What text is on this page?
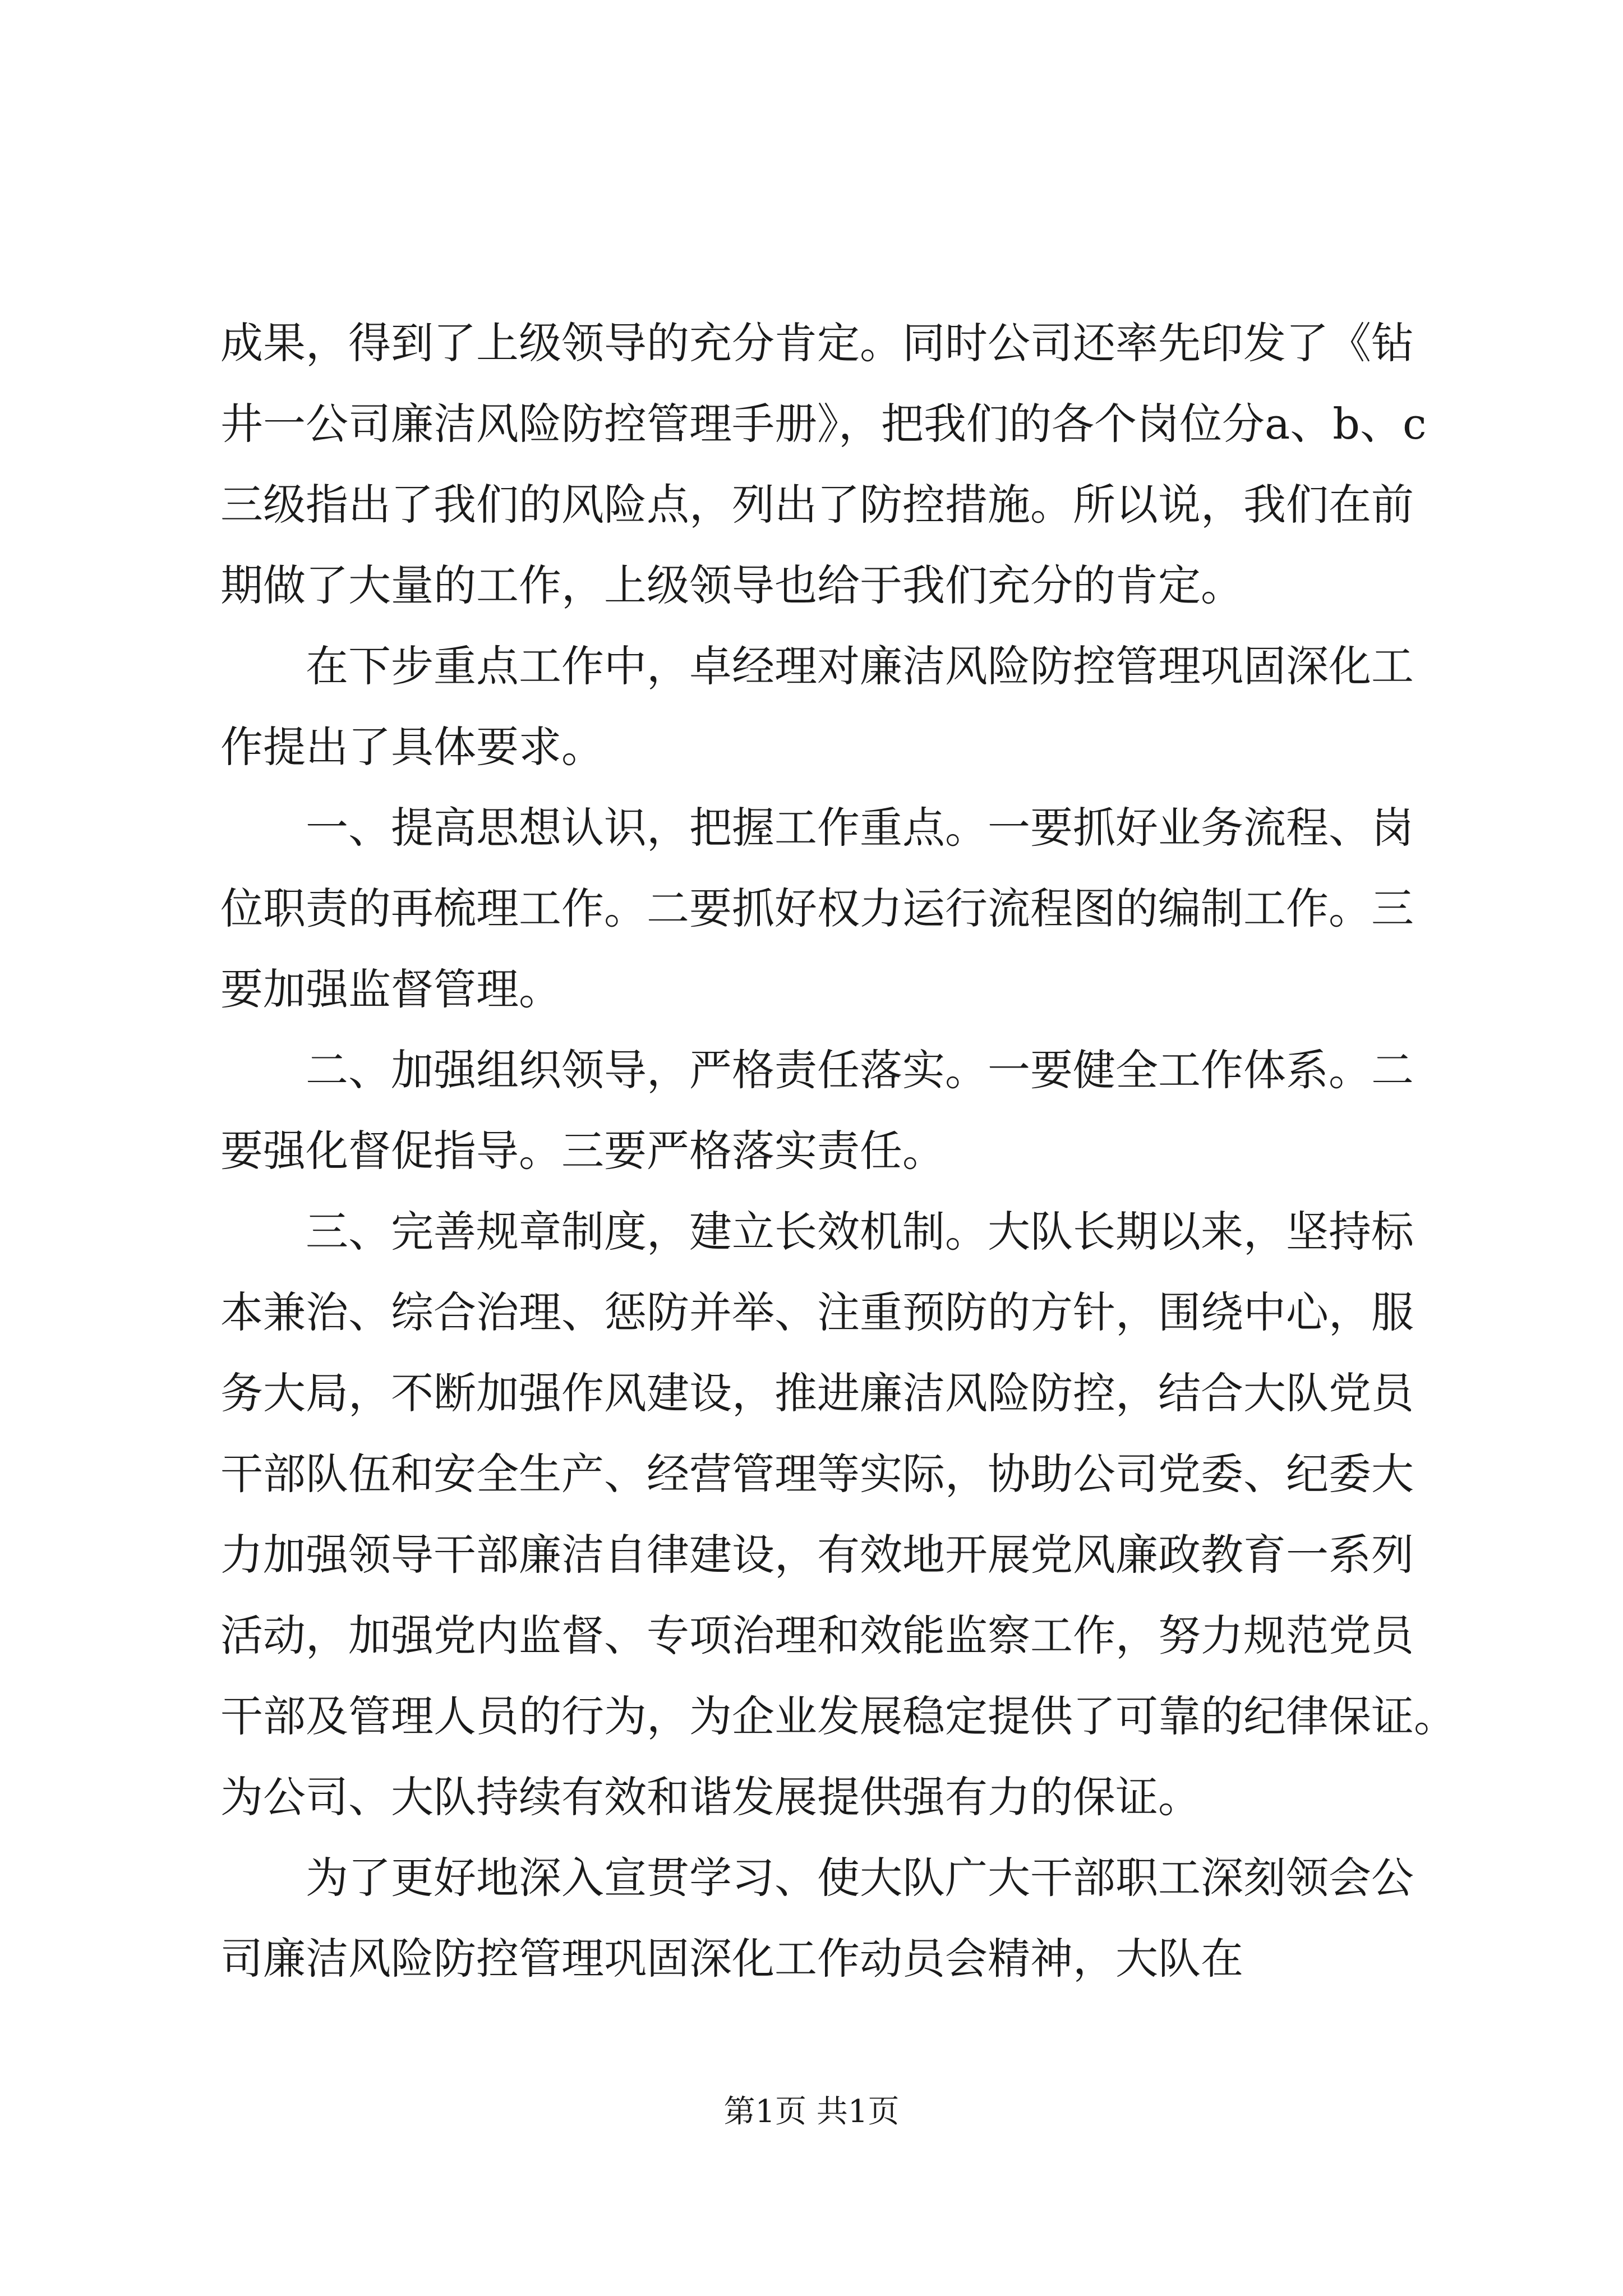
成果，得到了上级领导的充分肯定。同时公司还率先印发了《钻
井一公司廉洁风险防控管理手册》，把我们的各个岗位分a、b、c
三级指出了我们的风险点，列出了防控措施。所以说，我们在前
期做了大量的工作，上级领导也给于我们充分的肯定。
在下步重点工作中，卓经理对廉洁风险防控管理巩固深化工
作提出了具体要求。
一、提高思想认识，把握工作重点。一要抓好业务流程、岗
位职责的再梳理工作。二要抓好权力运行流程图的编制工作。三
要加强监督管理。
二、加强组织领导，严格责任落实。一要健全工作体系。二
要强化督促指导。三要严格落实责任。
三、完善规章制度，建立长效机制。大队长期以来，坚持标
本兼治、综合治理、惩防并举、注重预防的方针，围绕中心，服
务大局，不断加强作风建设，推进廉洁风险防控，结合大队党员
干部队伍和安全生产、经营管理等实际，协助公司党委、纪委大
力加强领导干部廉洁自律建设，有效地开展党风廉政教育一系列
活动，加强党内监督、专项治理和效能监察工作，努力规范党员
干部及管理人员的行为，为企业发展稳定提供了可靠的纪律保证。
为公司、大队持续有效和谐发展提供强有力的保证。
为了更好地深入宣贯学习、使大队广大干部职工深刻领会公
司廉洁风险防控管理巩固深化工作动员会精神，大队在
第1页 共1页
